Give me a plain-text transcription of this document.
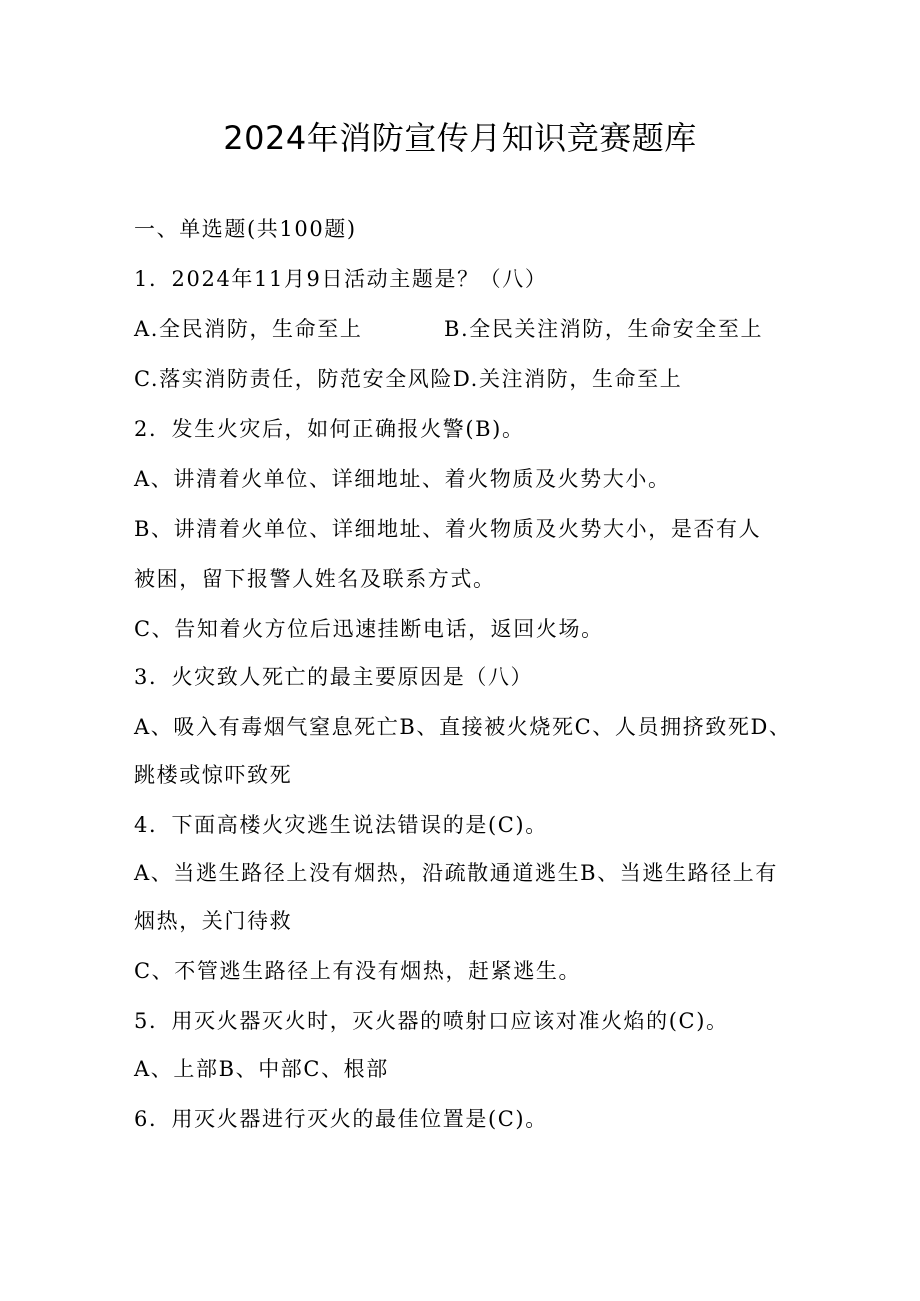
2024年消防宣传月知识竞赛题库
一、单选题(共100题)
1．2024年11月9日活动主题是？（八）
A.全民消防，生命至上	B.全民关注消防，生命安全至上
C.落实消防责任，防范安全风险D.关注消防，生命至上
2．发生火灾后，如何正确报火警(B)。
A、讲清着火单位、详细地址、着火物质及火势大小。
B、讲清着火单位、详细地址、着火物质及火势大小，是否有人
被困，留下报警人姓名及联系方式。
C、告知着火方位后迅速挂断电话，返回火场。
3．火灾致人死亡的最主要原因是（八）
A、吸入有毒烟气窒息死亡B、直接被火烧死C、人员拥挤致死D、
跳楼或惊吓致死
4．下面高楼火灾逃生说法错误的是(C)。
A、当逃生路径上没有烟热，沿疏散通道逃生B、当逃生路径上有
烟热，关门待救
C、不管逃生路径上有没有烟热，赶紧逃生。
5．用灭火器灭火时，灭火器的喷射口应该对准火焰的(C)。
A、上部B、中部C、根部
6．用灭火器进行灭火的最佳位置是(C)。
